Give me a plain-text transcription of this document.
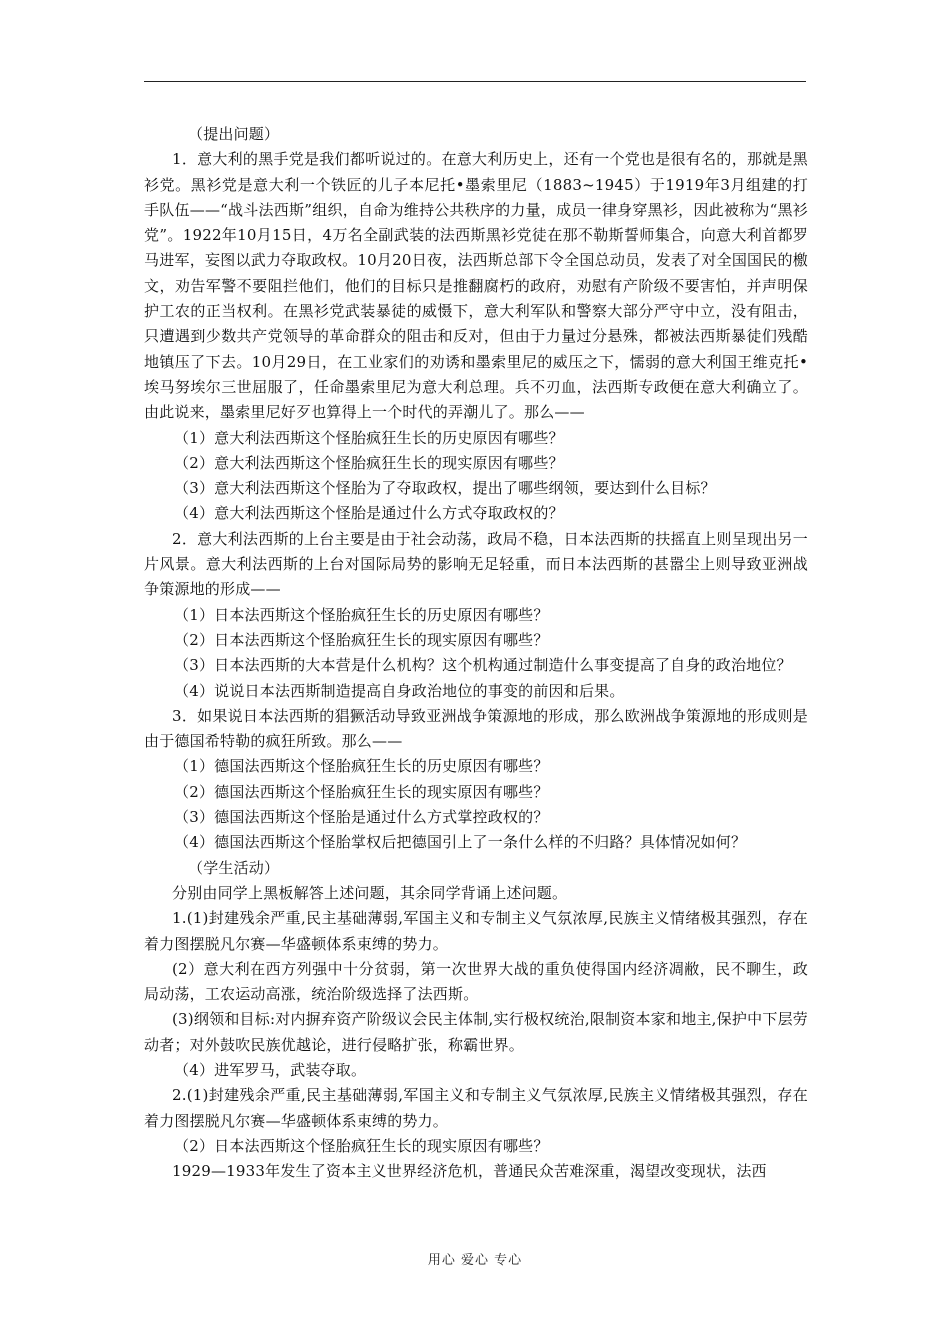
（提出问题）

1．意大利的黑手党是我们都听说过的。在意大利历史上，还有一个党也是很有名的，那就是黑衫党。黑衫党是意大利一个铁匠的儿子本尼托•墨索里尼（1883~1945）于1919年3月组建的打手队伍——“战斗法西斯”组织，自命为维持公共秩序的力量，成员一律身穿黑衫，因此被称为“黑衫党”。1922年10月15日，4万名全副武装的法西斯黑衫党徒在那不勒斯誓师集合，向意大利首都罗马进军，妄图以武力夺取政权。10月20日夜，法西斯总部下令全国总动员，发表了对全国国民的檄文，劝告军警不要阻拦他们，他们的目标只是推翻腐朽的政府，劝慰有产阶级不要害怕，并声明保护工农的正当权利。在黑衫党武装暴徒的威慑下，意大利军队和警察大部分严守中立，没有阻击，只遭遇到少数共产党领导的革命群众的阻击和反对，但由于力量过分悬殊，都被法西斯暴徒们残酷地镇压了下去。10月29日，在工业家们的劝诱和墨索里尼的威压之下，懦弱的意大利国王维克托•埃马努埃尔三世屈服了，任命墨索里尼为意大利总理。兵不刃血，法西斯专政便在意大利确立了。由此说来，墨索里尼好歹也算得上一个时代的弄潮儿了。那么——

（1）意大利法西斯这个怪胎疯狂生长的历史原因有哪些？

（2）意大利法西斯这个怪胎疯狂生长的现实原因有哪些？

（3）意大利法西斯这个怪胎为了夺取政权，提出了哪些纲领，要达到什么目标？

（4）意大利法西斯这个怪胎是通过什么方式夺取政权的？

2．意大利法西斯的上台主要是由于社会动荡，政局不稳，日本法西斯的扶摇直上则呈现出另一片风景。意大利法西斯的上台对国际局势的影响无足轻重，而日本法西斯的甚嚣尘上则导致亚洲战争策源地的形成——

（1）日本法西斯这个怪胎疯狂生长的历史原因有哪些？

（2）日本法西斯这个怪胎疯狂生长的现实原因有哪些？

（3）日本法西斯的大本营是什么机构？这个机构通过制造什么事变提高了自身的政治地位？

（4）说说日本法西斯制造提高自身政治地位的事变的前因和后果。

3．如果说日本法西斯的猖獗活动导致亚洲战争策源地的形成，那么欧洲战争策源地的形成则是由于德国希特勒的疯狂所致。那么——

（1）德国法西斯这个怪胎疯狂生长的历史原因有哪些？

（2）德国法西斯这个怪胎疯狂生长的现实原因有哪些？

（3）德国法西斯这个怪胎是通过什么方式掌控政权的？

（4）德国法西斯这个怪胎掌权后把德国引上了一条什么样的不归路？具体情况如何？

（学生活动）

分别由同学上黑板解答上述问题，其余同学背诵上述问题。

1.(1)封建残余严重,民主基础薄弱,军国主义和专制主义气氛浓厚,民族主义情绪极其强烈，存在着力图摆脱凡尔赛—华盛顿体系束缚的势力。

(2）意大利在西方列强中十分贫弱，第一次世界大战的重负使得国内经济凋敝，民不聊生，政局动荡，工农运动高涨，统治阶级选择了法西斯。

(3)纲领和目标:对内摒弃资产阶级议会民主体制,实行极权统治,限制资本家和地主,保护中下层劳动者；对外鼓吹民族优越论，进行侵略扩张，称霸世界。

（4）进军罗马，武装夺取。

2.(1)封建残余严重,民主基础薄弱,军国主义和专制主义气氛浓厚,民族主义情绪极其强烈，存在着力图摆脱凡尔赛—华盛顿体系束缚的势力。

（2）日本法西斯这个怪胎疯狂生长的现实原因有哪些？

1929—1933年发生了资本主义世界经济危机，普通民众苦难深重，渴望改变现状，法西

用心 爱心 专心
